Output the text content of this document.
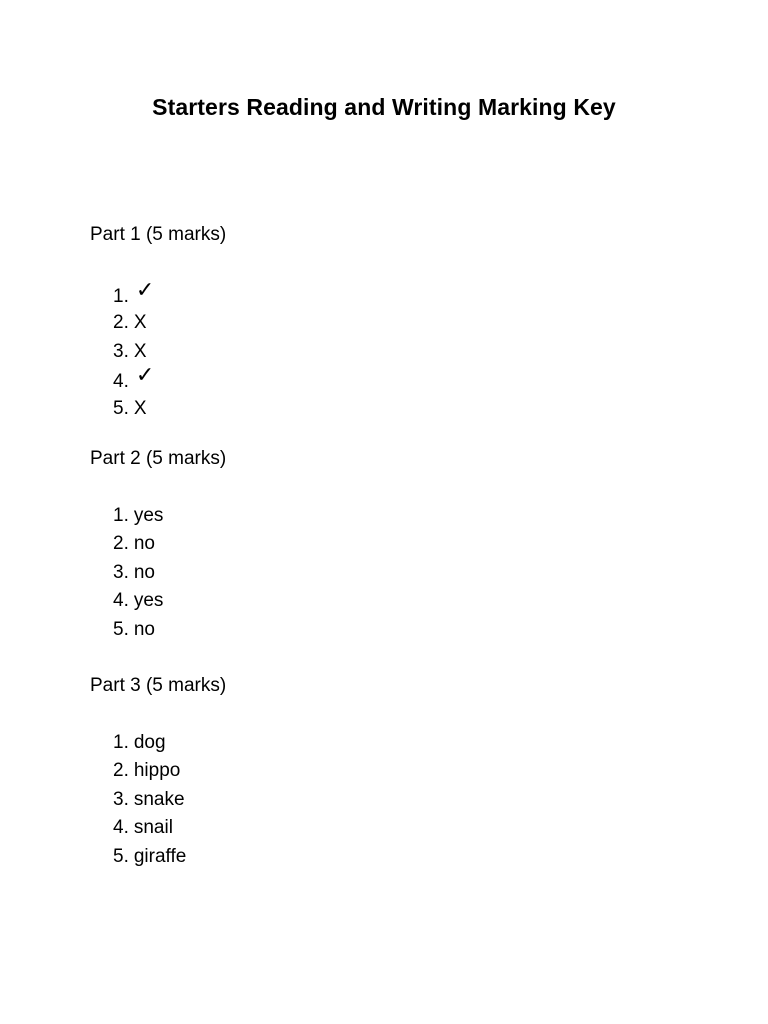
Starters Reading and Writing Marking Key

Part 1 (5 marks)

1. ✓
2. X
3. X
4. ✓
5. X

Part 2 (5 marks)

1. yes
2. no
3. no
4. yes
5. no

Part 3 (5 marks)

1. dog
2. hippo
3. snake
4. snail
5. giraffe
